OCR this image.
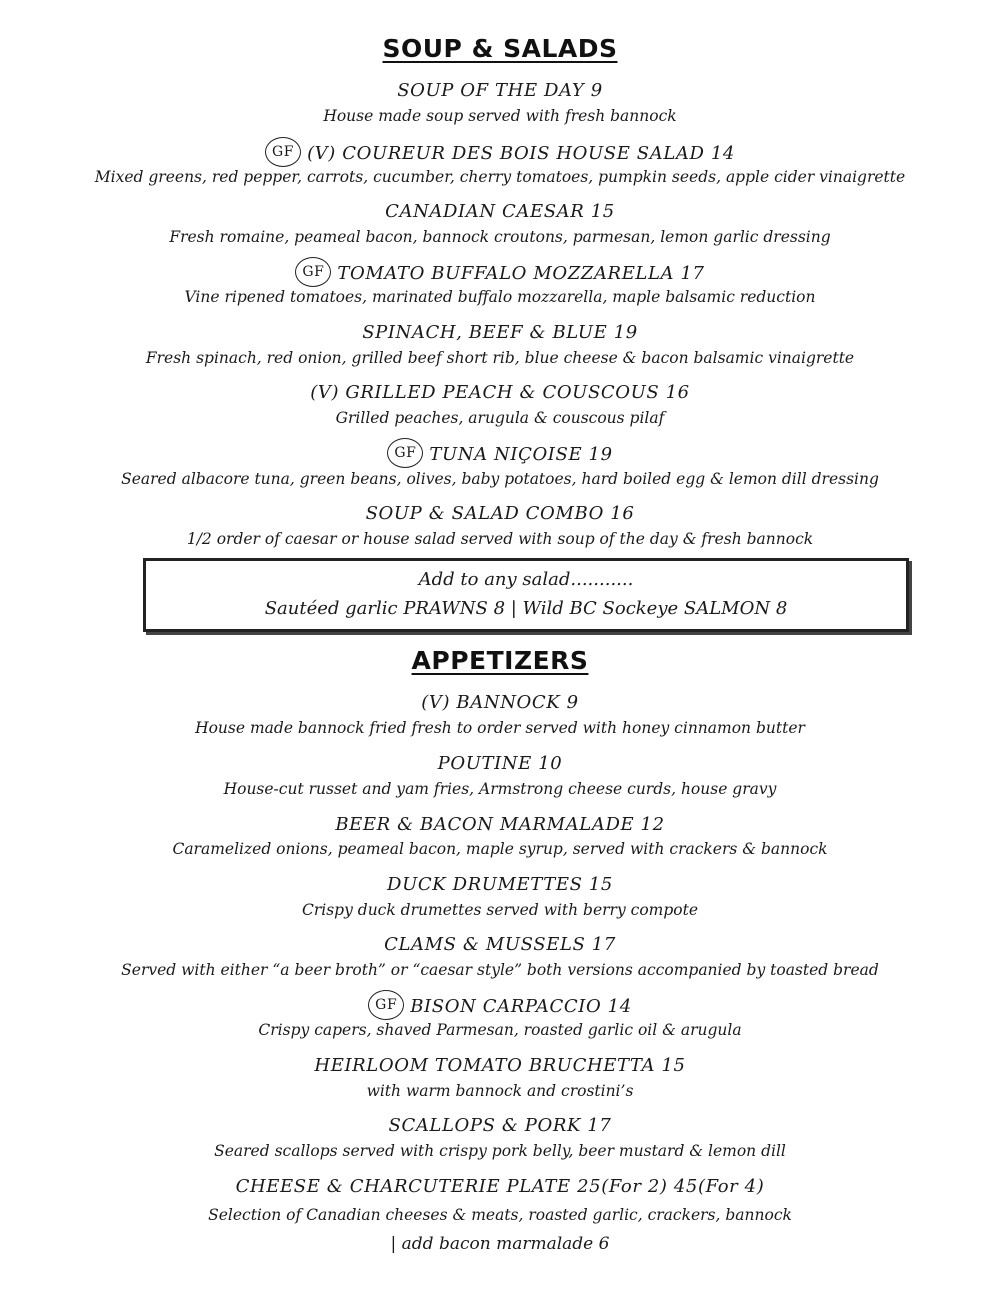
SOUP & SALADS
SOUP OF THE DAY 9
House made soup served with fresh bannock
GF (V) COUREUR DES BOIS HOUSE SALAD 14
Mixed greens, red pepper, carrots, cucumber, cherry tomatoes, pumpkin seeds, apple cider vinaigrette
CANADIAN CAESAR 15
Fresh romaine, peameal bacon, bannock croutons, parmesan, lemon garlic dressing
GF TOMATO BUFFALO MOZZARELLA 17
Vine ripened tomatoes, marinated buffalo mozzarella, maple balsamic reduction
SPINACH, BEEF & BLUE 19
Fresh spinach, red onion, grilled beef short rib, blue cheese & bacon balsamic vinaigrette
(V) GRILLED PEACH & COUSCOUS 16
Grilled peaches, arugula & couscous pilaf
GF TUNA NIÇOISE 19
Seared albacore tuna, green beans, olives, baby potatoes, hard boiled egg & lemon dill dressing
SOUP & SALAD COMBO 16
1/2 order of caesar or house salad served with soup of the day & fresh bannock
Add to any salad...........
Sautéed garlic PRAWNS 8 | Wild BC Sockeye SALMON 8
APPETIZERS
(V) BANNOCK 9
House made bannock fried fresh to order served with honey cinnamon butter
POUTINE 10
House-cut russet and yam fries, Armstrong cheese curds, house gravy
BEER & BACON MARMALADE 12
Caramelized onions, peameal bacon, maple syrup, served with crackers & bannock
DUCK DRUMETTES 15
Crispy duck drumettes served with berry compote
CLAMS & MUSSELS 17
Served with either “a beer broth” or “caesar style” both versions accompanied by toasted bread
GF BISON CARPACCIO 14
Crispy capers, shaved Parmesan, roasted garlic oil & arugula
HEIRLOOM TOMATO BRUCHETTA 15
with warm bannock and crostini’s
SCALLOPS & PORK 17
Seared scallops served with crispy pork belly, beer mustard & lemon dill
CHEESE & CHARCUTERIE PLATE 25(For 2) 45(For 4)
Selection of Canadian cheeses & meats, roasted garlic, crackers, bannock
| add bacon marmalade 6
